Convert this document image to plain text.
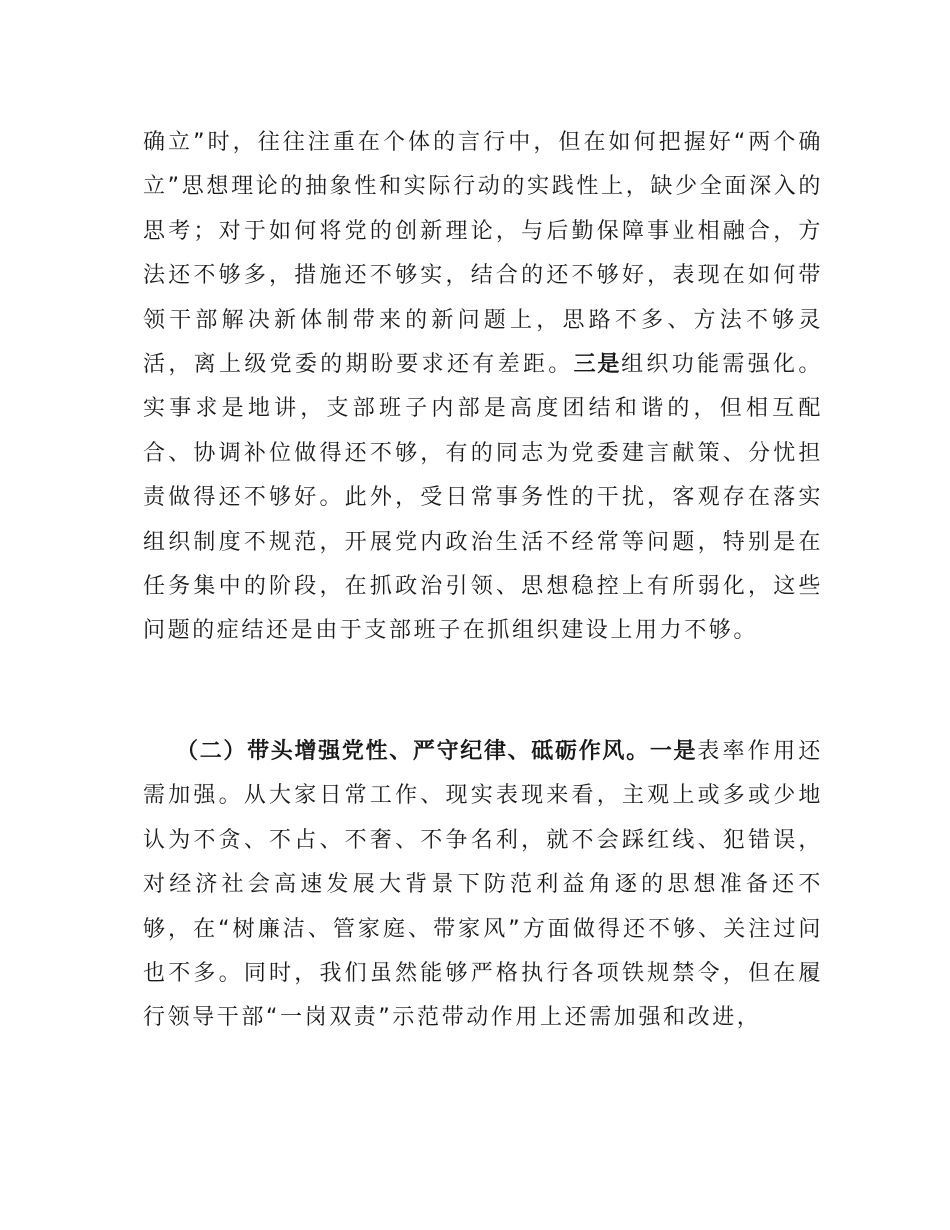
确立”时，往往注重在个体的言行中，但在如何把握好“两个确立”思想理论的抽象性和实际行动的实践性上，缺少全面深入的思考；对于如何将党的创新理论，与后勤保障事业相融合，方法还不够多，措施还不够实，结合的还不够好，表现在如何带领干部解决新体制带来的新问题上，思路不多、方法不够灵活，离上级党委的期盼要求还有差距。三是组织功能需强化。实事求是地讲，支部班子内部是高度团结和谐的，但相互配合、协调补位做得还不够，有的同志为党委建言献策、分忧担责做得还不够好。此外，受日常事务性的干扰，客观存在落实组织制度不规范，开展党内政治生活不经常等问题，特别是在任务集中的阶段，在抓政治引领、思想稳控上有所弱化，这些问题的症结还是由于支部班子在抓组织建设上用力不够。

（二）带头增强党性、严守纪律、砥砺作风。一是表率作用还需加强。从大家日常工作、现实表现来看，主观上或多或少地认为不贪、不占、不奢、不争名利，就不会踩红线、犯错误，对经济社会高速发展大背景下防范利益角逐的思想准备还不够，在“树廉洁、管家庭、带家风”方面做得还不够、关注过问也不多。同时，我们虽然能够严格执行各项铁规禁令，但在履行领导干部“一岗双责”示范带动作用上还需加强和改进，
